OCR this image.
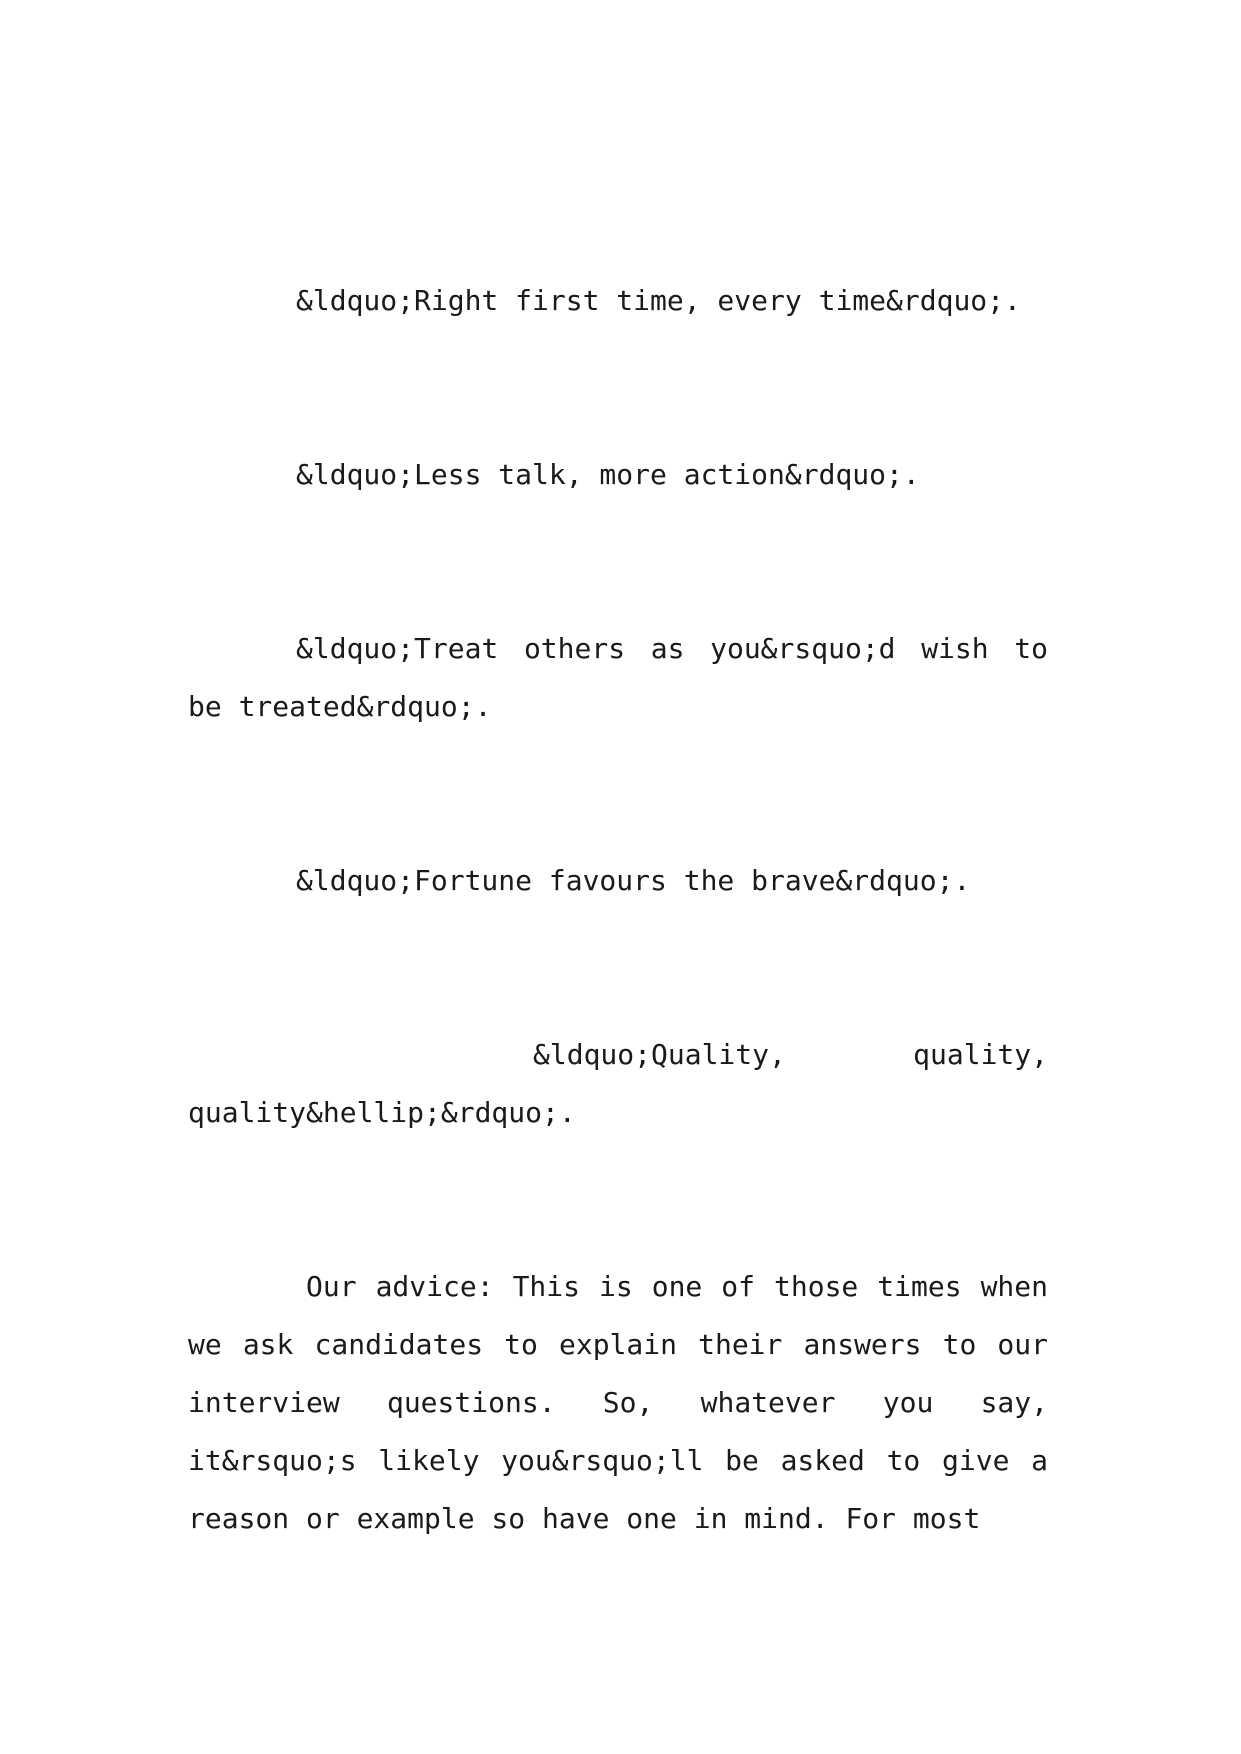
&ldquo;Right first time, every time&rdquo;.

&ldquo;Less talk, more action&rdquo;.

&ldquo;Treat others as you&rsquo;d wish to be treated&rdquo;.

&ldquo;Fortune favours the brave&rdquo;.

&ldquo;Quality, quality, quality&hellip;&rdquo;.

Our advice: This is one of those times when we ask candidates to explain their answers to our interview questions. So, whatever you say, it&rsquo;s likely you&rsquo;ll be asked to give a reason or example so have one in mind. For most
